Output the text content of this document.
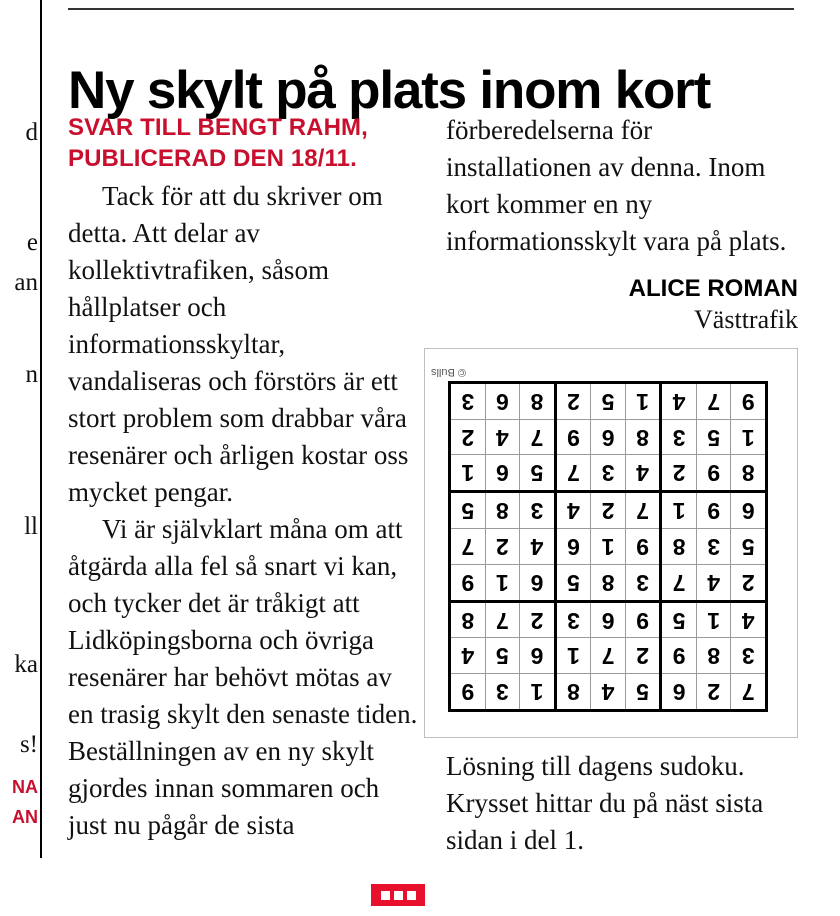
d
e
an
n
ll
ka
s!
NA
AN
Ny skylt på plats inom kort
SVAR TILL BENGT RAHM, PUBLICERAD DEN 18/11.

Tack för att du skriver om detta. Att delar av kollektivtrafiken, såsom hållplatser och informationsskyltar, vandaliseras och förstörs är ett stort problem som drabbar våra resenärer och årligen kostar oss mycket pengar.

Vi är självklart måna om att åtgärda alla fel så snart vi kan, och tycker det är tråkigt att Lidköpingsborna och övriga resenärer har behövt mötas av en trasig skylt den senaste tiden. Beställningen av en ny skylt gjordes innan sommaren och just nu pågår de sista

förberedelserna för installationen av denna. Inom kort kommer en ny informationsskylt vara på plats.

ALICE ROMAN
Västtrafik
© Bulls
7	2	6	5	4	8	1	3	9
3	8	9	2	7	1	6	5	4
4	1	5	9	6	3	2	7	8
2	4	7	3	8	5	6	1	9
5	3	8	9	1	6	4	2	7
6	9	1	7	2	4	3	8	5
8	9	2	4	3	7	5	6	1
1	5	3	8	6	9	7	4	2
9	7	4	1	5	2	8	6	3
Lösning till dagens sudoku. Krysset hittar du på näst sista sidan i del 1.
